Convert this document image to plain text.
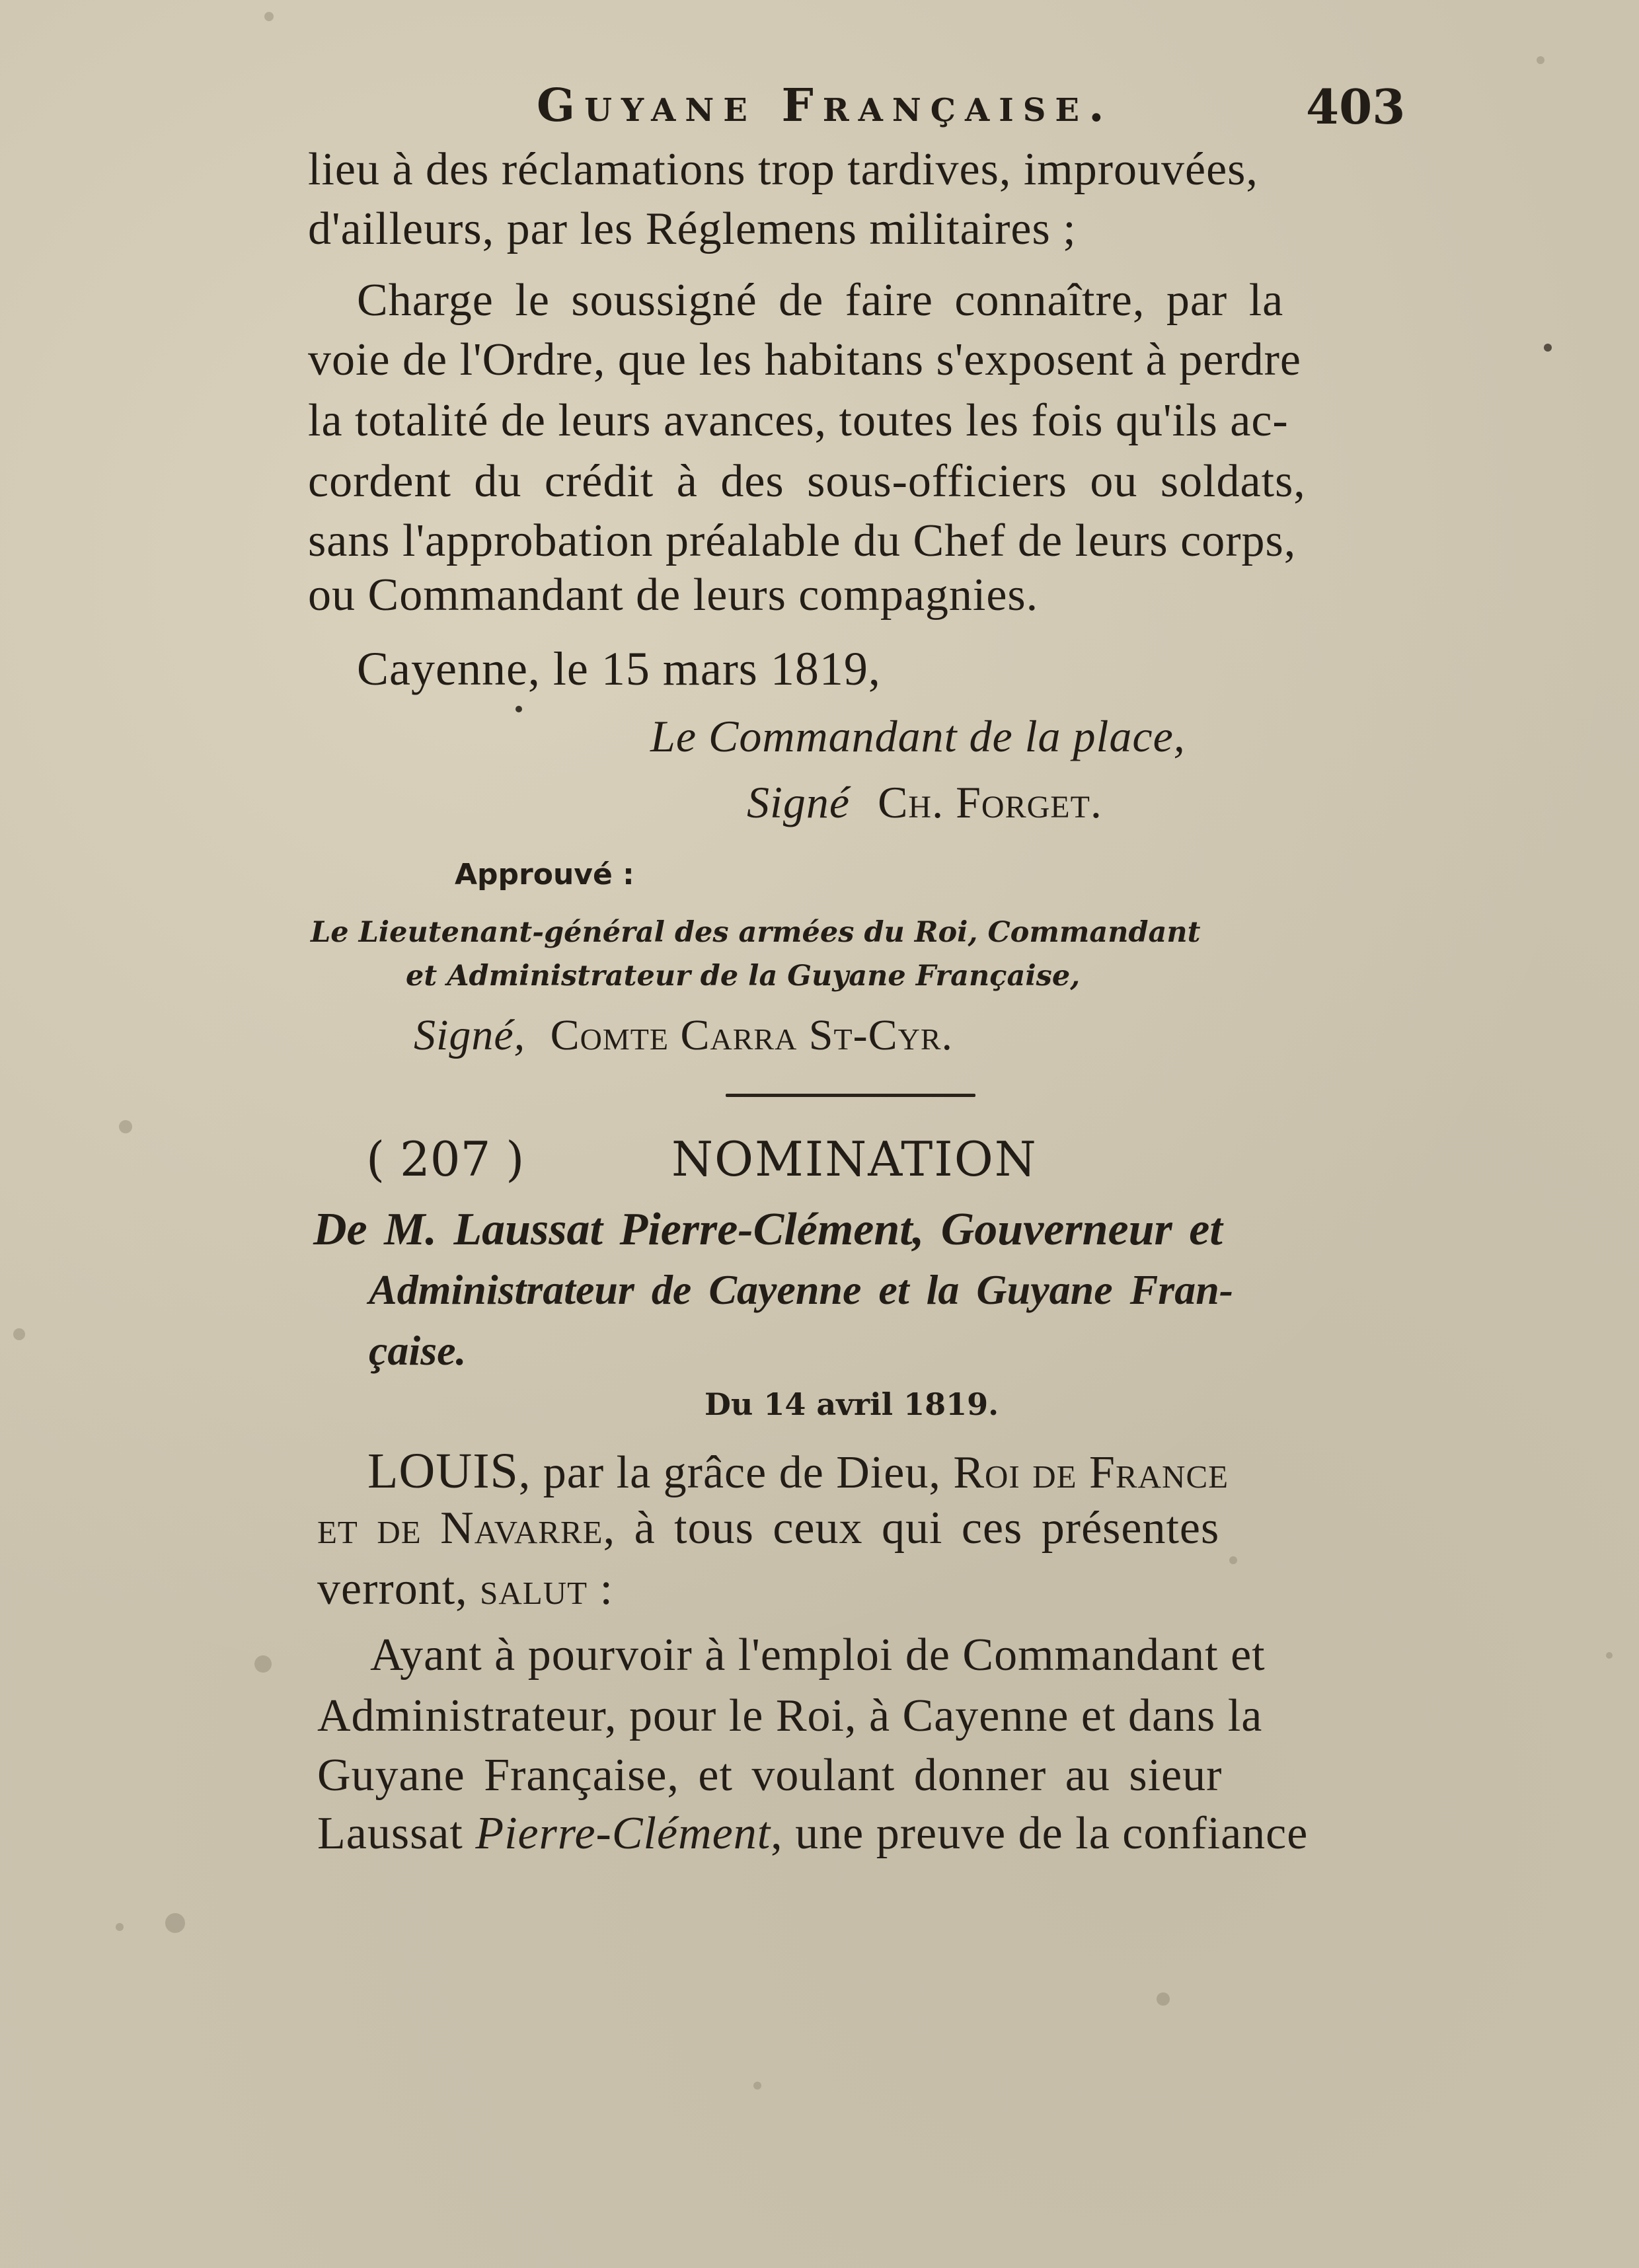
Guyane Française.	403
lieu à des réclamations trop tardives, improuvées,
d'ailleurs, par les Réglemens militaires ;
Charge le soussigné de faire connaître, par la
voie de l'Ordre, que les habitans s'exposent à perdre
la totalité de leurs avances, toutes les fois qu'ils ac-
cordent du crédit à des sous-officiers ou soldats,
sans l'approbation préalable du Chef de leurs corps,
ou Commandant de leurs compagnies.
Cayenne, le 15 mars 1819,
Le Commandant de la place,
Signé Ch. Forget.
Approuvé :
Le Lieutenant-général des armées du Roi, Commandant
et Administrateur de la Guyane Française,
Signé, Comte Carra St-Cyr.
( 207 )	NOMINATION
De M. Laussat Pierre-Clément, Gouverneur et
Administrateur de Cayenne et la Guyane Fran-
çaise.
Du 14 avril 1819.
LOUIS, par la grâce de Dieu, Roi de France
et de Navarre, à tous ceux qui ces présentes
verront, salut :
Ayant à pourvoir à l'emploi de Commandant et
Administrateur, pour le Roi, à Cayenne et dans la
Guyane Française, et voulant donner au sieur
Laussat Pierre-Clément, une preuve de la confiance
